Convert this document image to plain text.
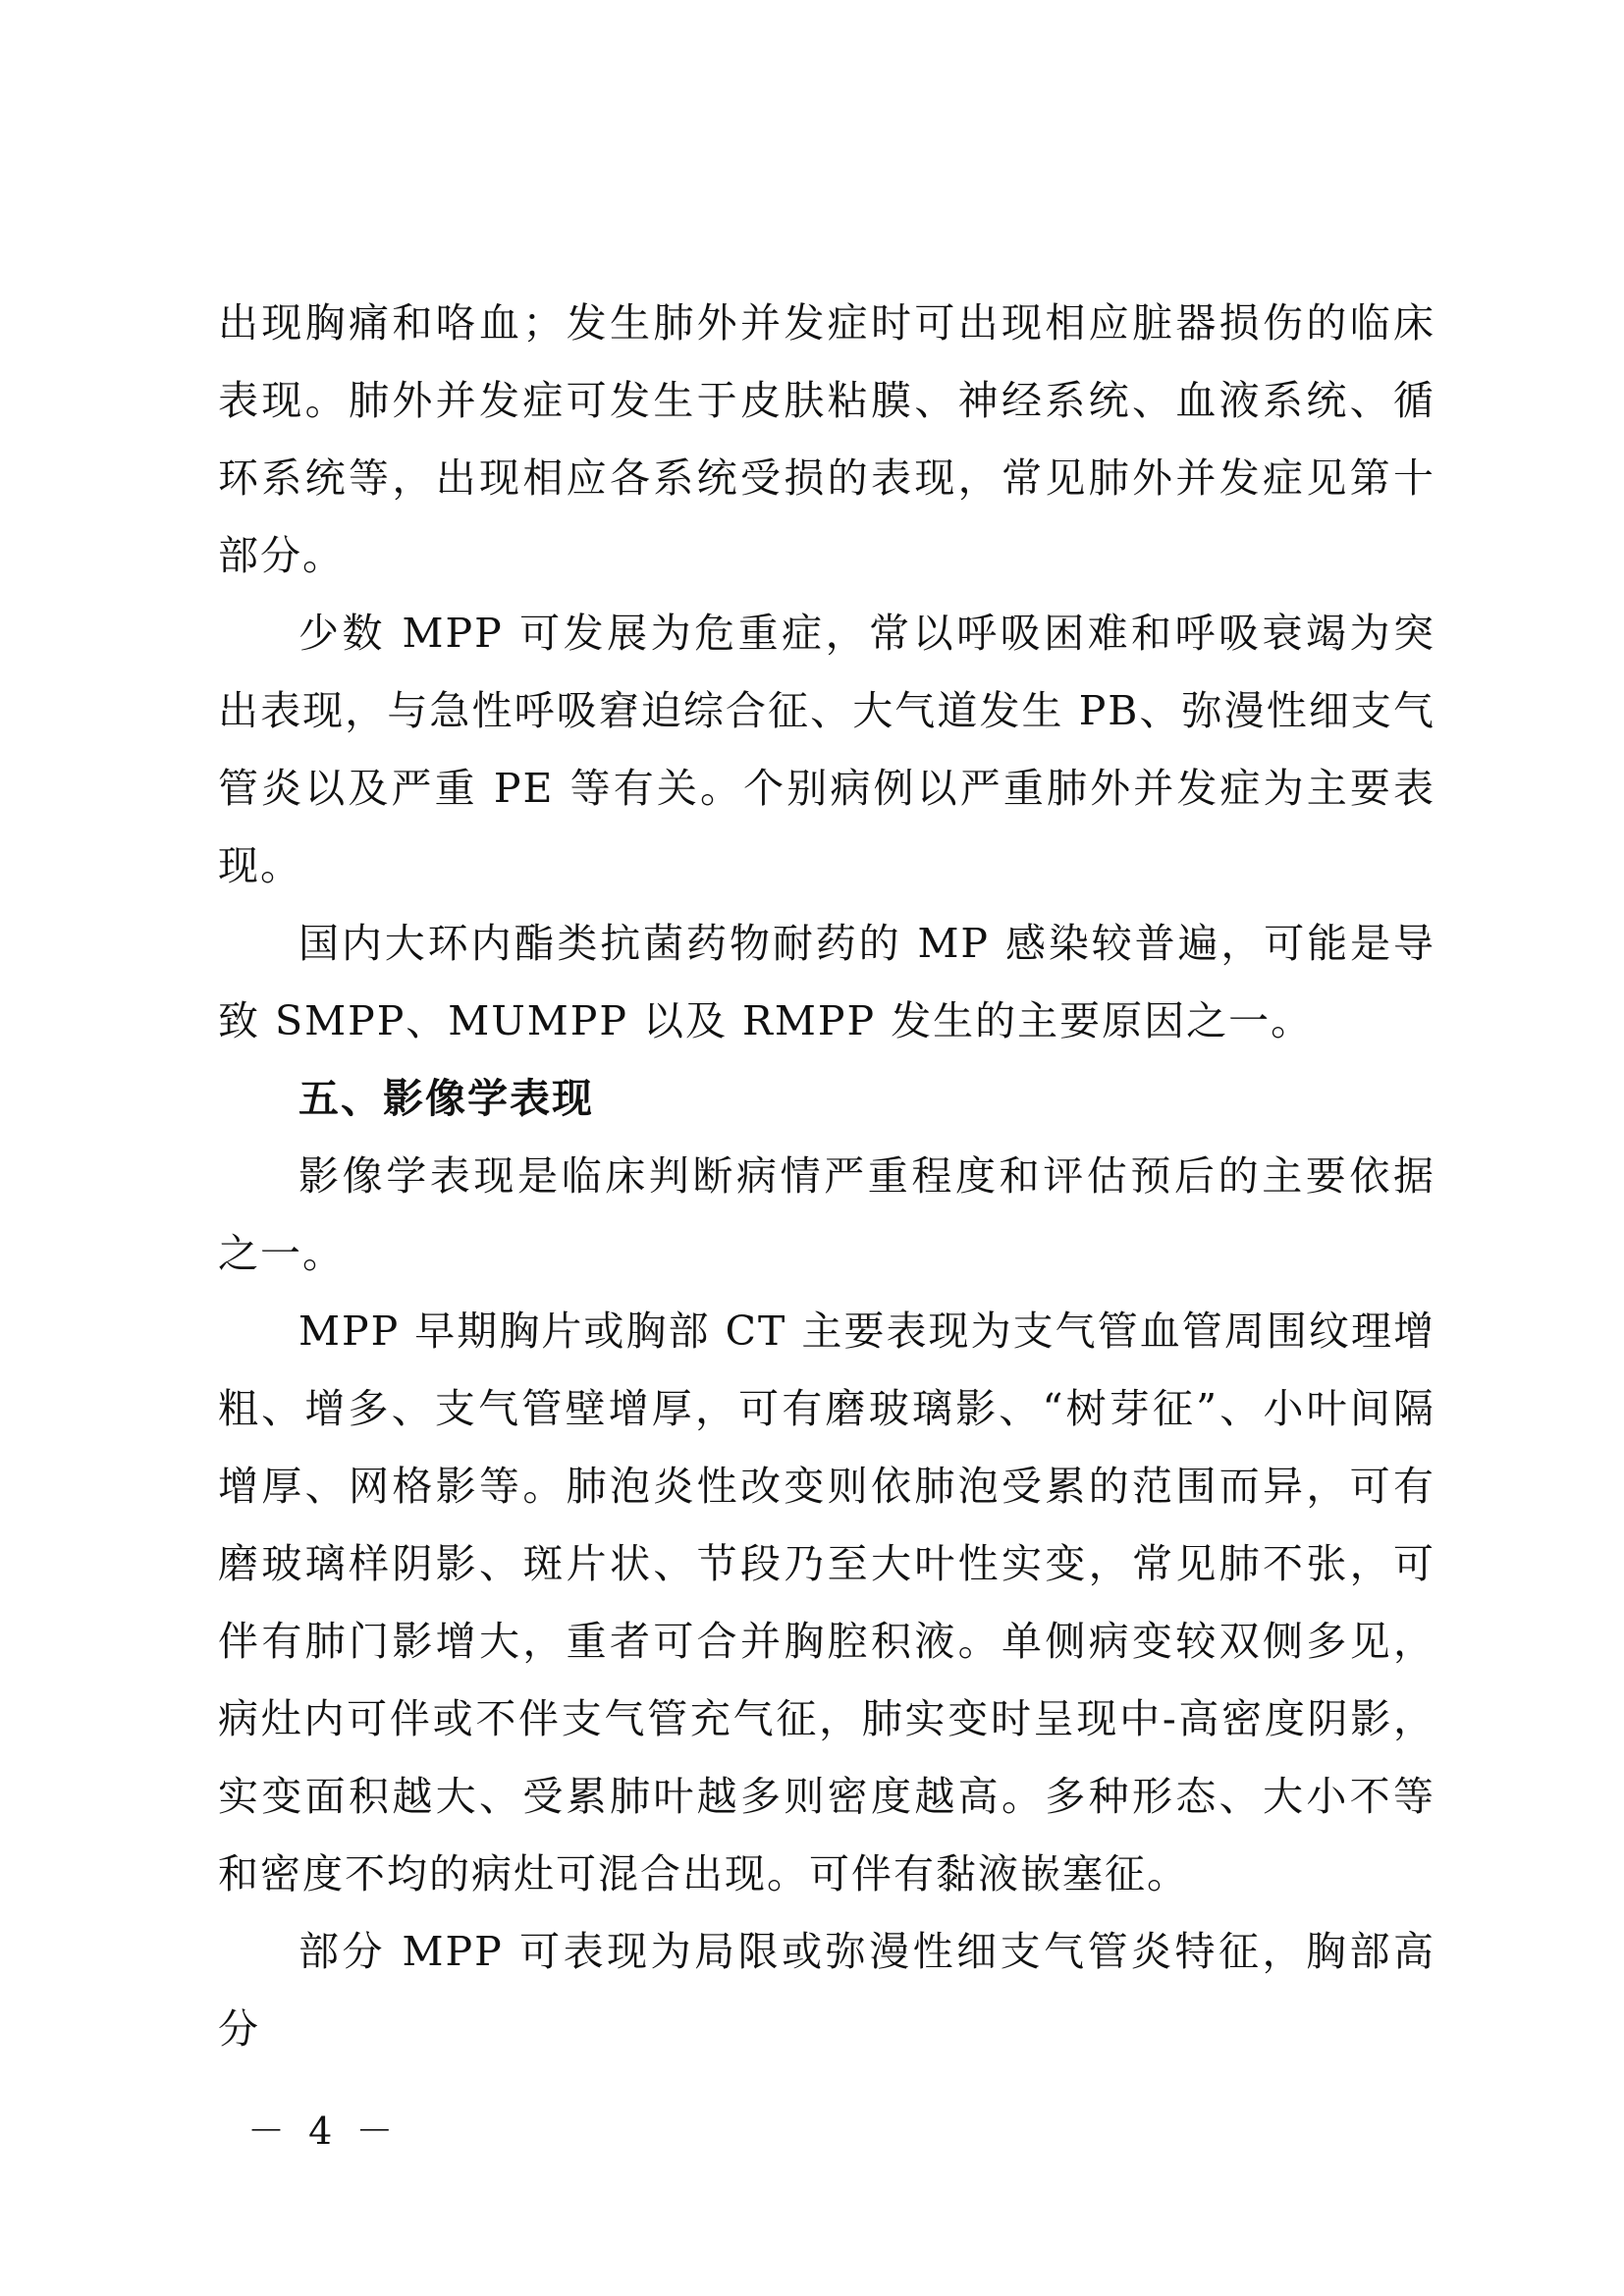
出现胸痛和咯血；发生肺外并发症时可出现相应脏器损伤的临床表现。肺外并发症可发生于皮肤粘膜、神经系统、血液系统、循环系统等，出现相应各系统受损的表现，常见肺外并发症见第十部分。

少数 MPP 可发展为危重症，常以呼吸困难和呼吸衰竭为突出表现，与急性呼吸窘迫综合征、大气道发生 PB、弥漫性细支气管炎以及严重 PE 等有关。个别病例以严重肺外并发症为主要表现。

国内大环内酯类抗菌药物耐药的 MP 感染较普遍，可能是导致 SMPP、MUMPP 以及 RMPP 发生的主要原因之一。

五、影像学表现

影像学表现是临床判断病情严重程度和评估预后的主要依据之一。

MPP 早期胸片或胸部 CT 主要表现为支气管血管周围纹理增粗、增多、支气管壁增厚，可有磨玻璃影、“树芽征”、小叶间隔增厚、网格影等。肺泡炎性改变则依肺泡受累的范围而异，可有磨玻璃样阴影、斑片状、节段乃至大叶性实变，常见肺不张，可伴有肺门影增大，重者可合并胸腔积液。单侧病变较双侧多见，病灶内可伴或不伴支气管充气征，肺实变时呈现中-高密度阴影，实变面积越大、受累肺叶越多则密度越高。多种形态、大小不等和密度不均的病灶可混合出现。可伴有黏液嵌塞征。

部分 MPP 可表现为局限或弥漫性细支气管炎特征，胸部高分

－ 4 －
